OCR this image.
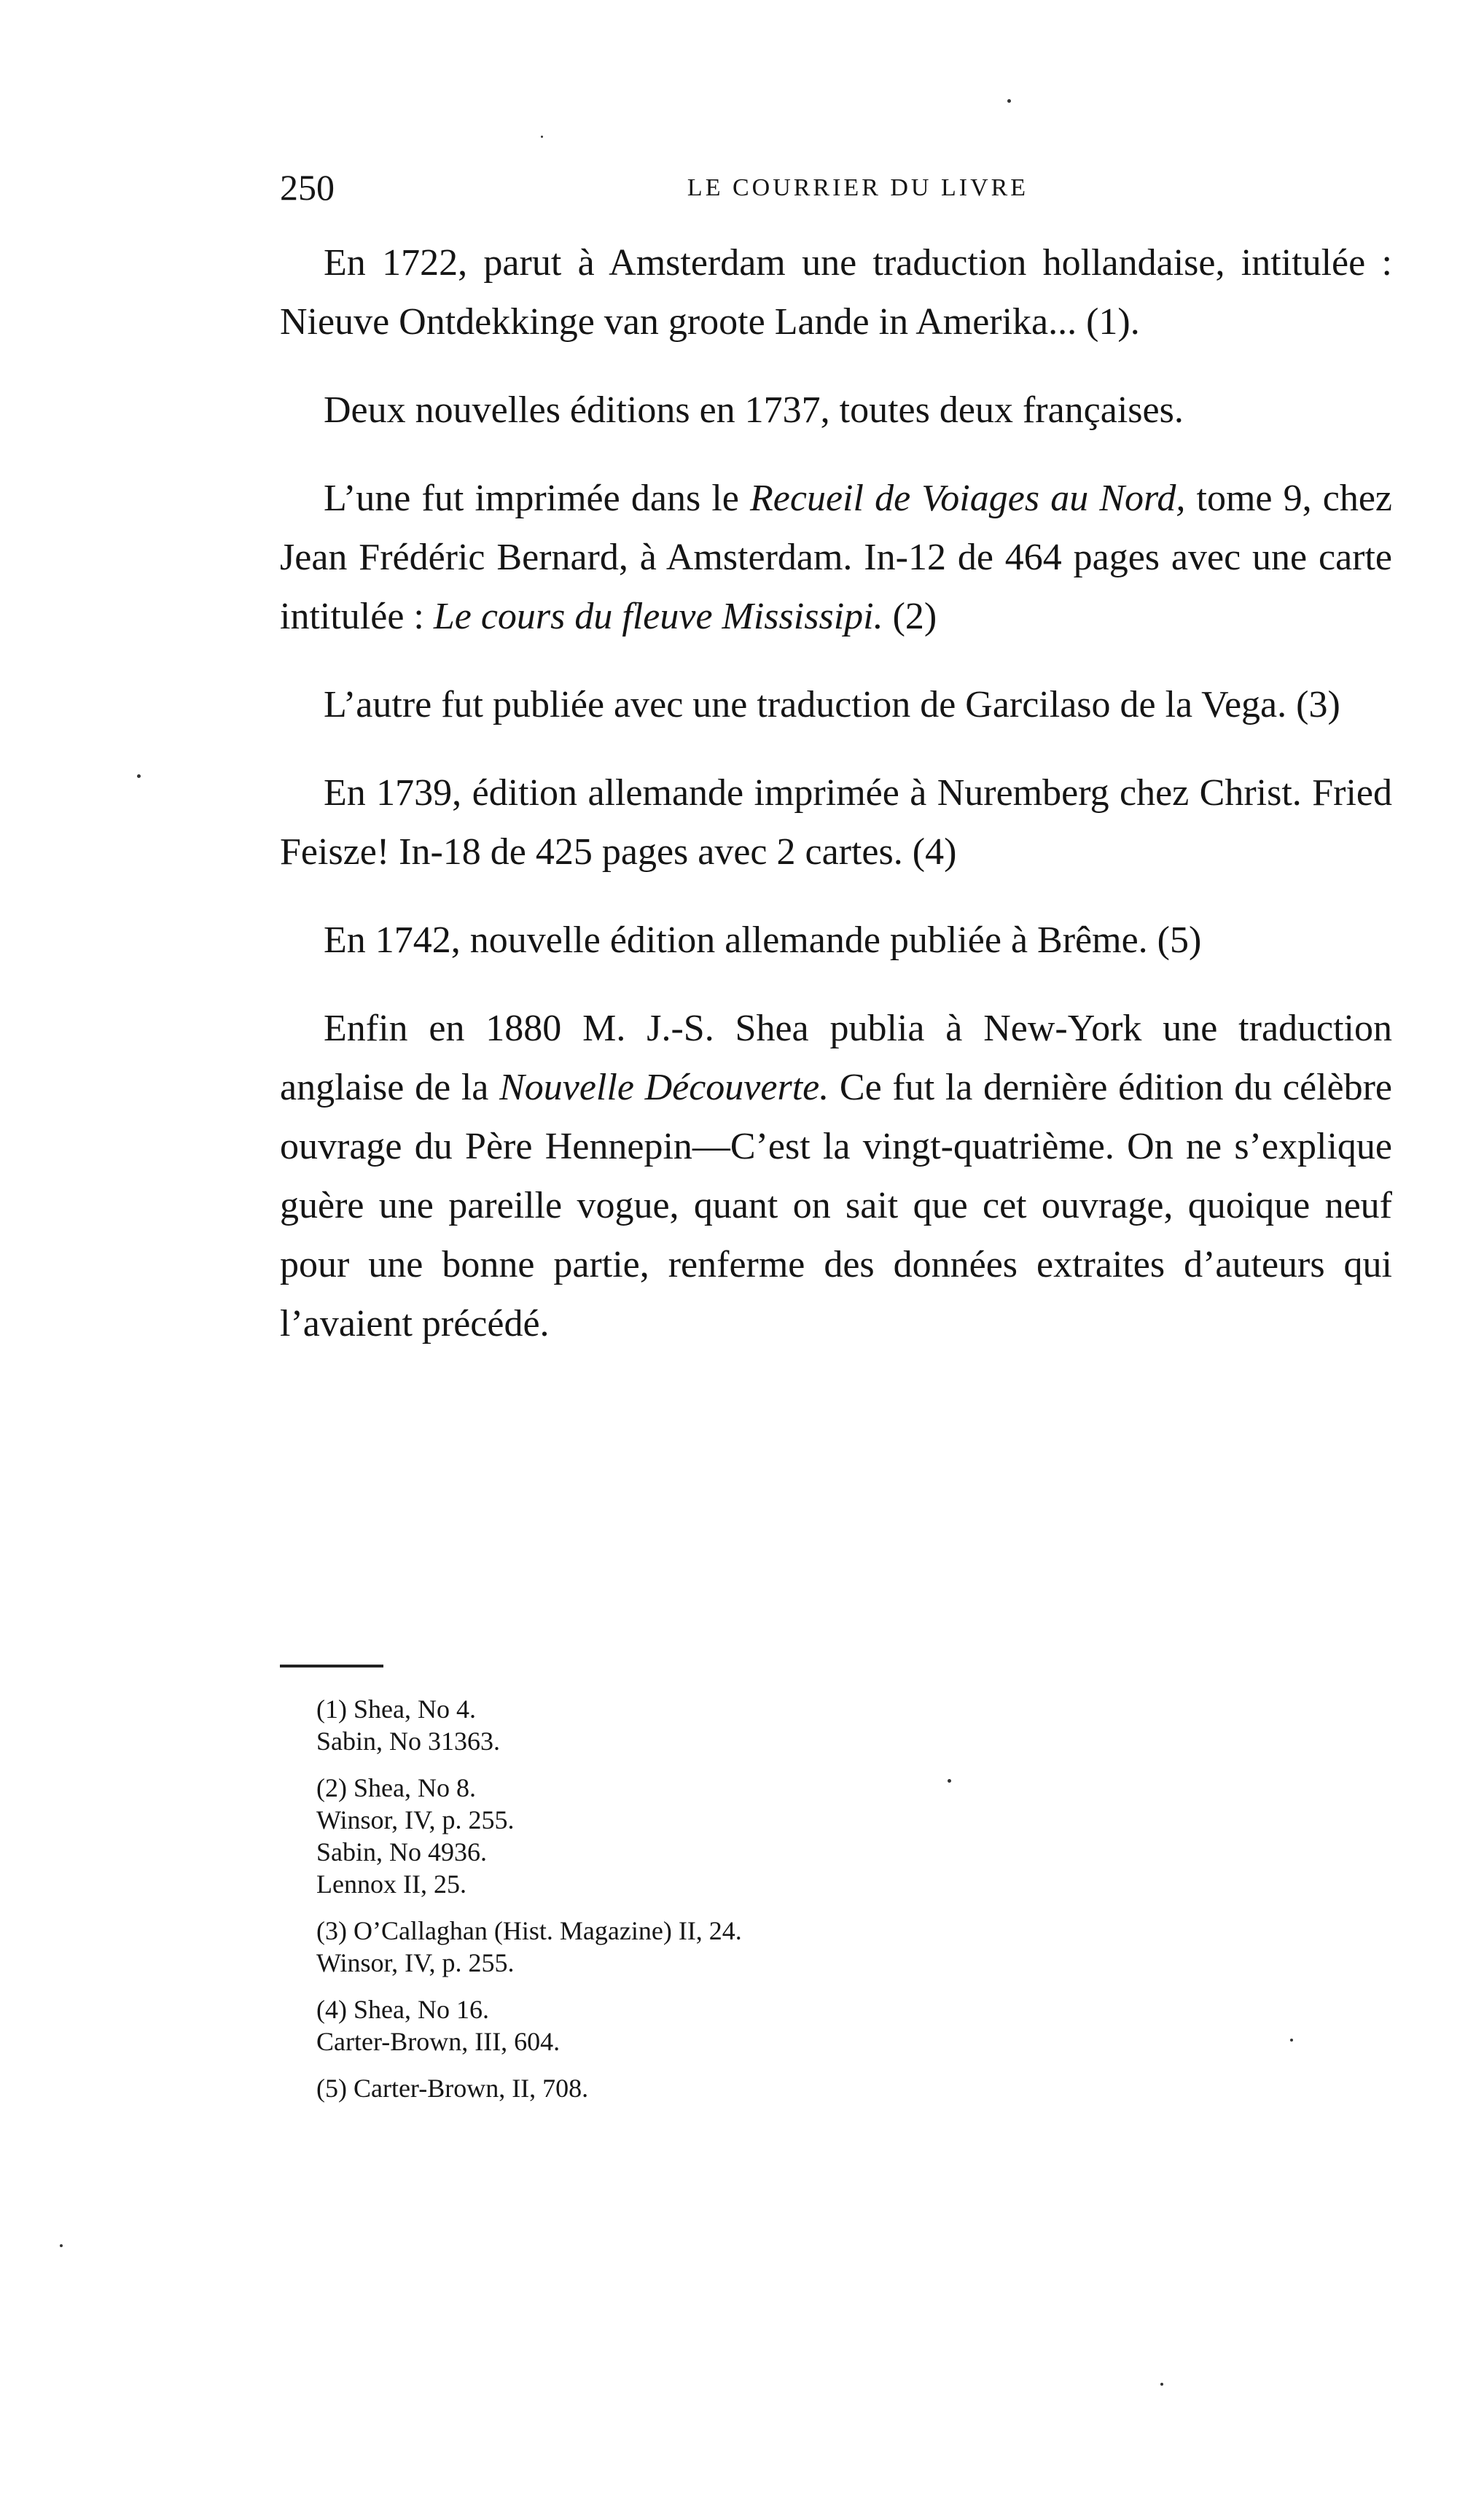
250	LE COURRIER DU LIVRE

En 1722, parut à Amsterdam une traduction hollandaise, intitulée : Nieuve Ontdekkinge van groote Lande in Amerika... (1).

Deux nouvelles éditions en 1737, toutes deux françaises.

L’une fut imprimée dans le Recueil de Voiages au Nord, tome 9, chez Jean Frédéric Bernard, à Amsterdam. In-12 de 464 pages avec une carte intitulée : Le cours du fleuve Mississipi. (2)

L’autre fut publiée avec une traduction de Garcilaso de la Vega. (3)

En 1739, édition allemande imprimée à Nuremberg chez Christ. Fried Feisze! In-18 de 425 pages avec 2 cartes. (4)

En 1742, nouvelle édition allemande publiée à Brême. (5)

Enfin en 1880 M. J.-S. Shea publia à New-York une traduction anglaise de la Nouvelle Découverte. Ce fut la dernière édition du célèbre ouvrage du Père Hennepin—C’est la vingt-quatrième. On ne s’explique guère une pareille vogue, quant on sait que cet ouvrage, quoique neuf pour une bonne partie, renferme des données extraites d’auteurs qui l’avaient précédé.

(1) Shea, No 4.
Sabin, No 31363.
(2) Shea, No 8.
Winsor, IV, p. 255.
Sabin, No 4936.
Lennox II, 25.
(3) O’Callaghan (Hist. Magazine) II, 24.
Winsor, IV, p. 255.
(4) Shea, No 16.
Carter-Brown, III, 604.
(5) Carter-Brown, II, 708.
